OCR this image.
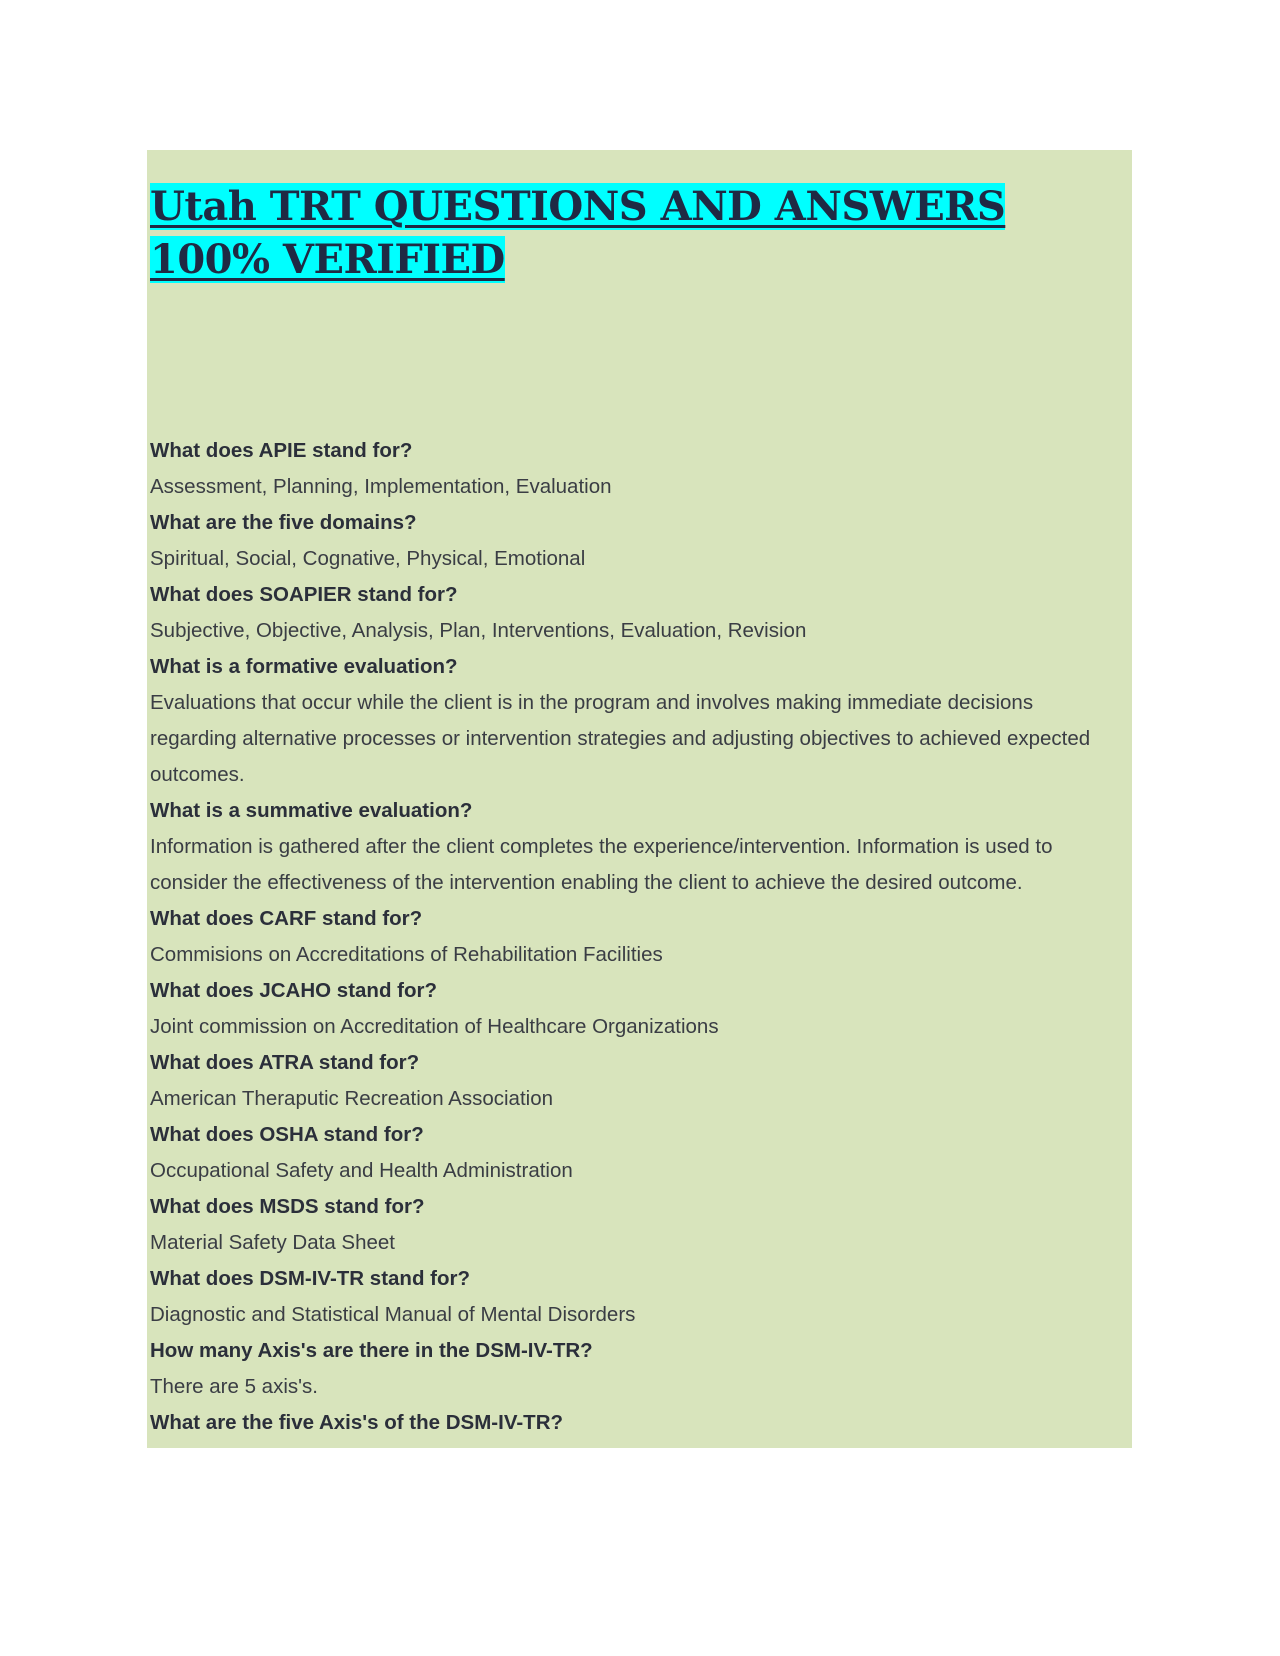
Utah TRT QUESTIONS AND ANSWERS 100% VERIFIED

What does APIE stand for?

Assessment, Planning, Implementation, Evaluation

What are the five domains?

Spiritual, Social, Cognative, Physical, Emotional

What does SOAPIER stand for?

Subjective, Objective, Analysis, Plan, Interventions, Evaluation, Revision

What is a formative evaluation?

Evaluations that occur while the client is in the program and involves making immediate decisions regarding alternative processes or intervention strategies and adjusting objectives to achieved expected outcomes.

What is a summative evaluation?

Information is gathered after the client completes the experience/intervention. Information is used to consider the effectiveness of the intervention enabling the client to achieve the desired outcome.

What does CARF stand for?

Commisions on Accreditations of Rehabilitation Facilities

What does JCAHO stand for?

Joint commission on Accreditation of Healthcare Organizations

What does ATRA stand for?

American Theraputic Recreation Association

What does OSHA stand for?

Occupational Safety and Health Administration

What does MSDS stand for?

Material Safety Data Sheet

What does DSM-IV-TR stand for?

Diagnostic and Statistical Manual of Mental Disorders

How many Axis's are there in the DSM-IV-TR?

There are 5 axis's.

What are the five Axis's of the DSM-IV-TR?
